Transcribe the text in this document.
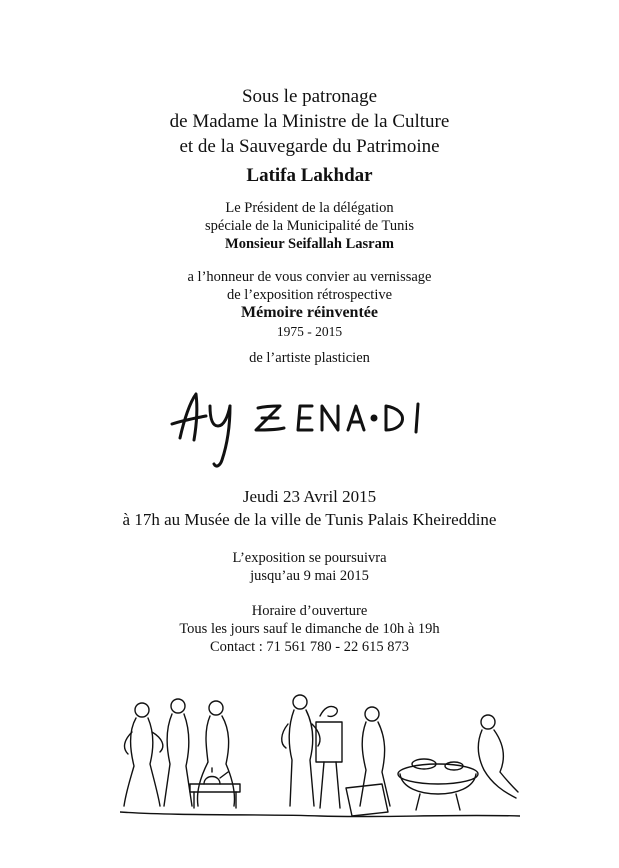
Sous le patronage
de Madame la Ministre de la Culture
et de la Sauvegarde du Patrimoine
Latifa Lakhdar
Le Président de la délégation
spéciale de la Municipalité de Tunis
Monsieur Seifallah Lasram
a l’honneur de vous convier au vernissage
de l’exposition rétrospective
Mémoire réinventée
1975 - 2015
de l’artiste plasticien
Jeudi 23 Avril 2015
à 17h au Musée de la ville de Tunis Palais Kheireddine
L’exposition se poursuivra
jusqu’au 9 mai 2015
Horaire d’ouverture
Tous les jours sauf le dimanche de 10h à 19h
Contact : 71 561 780 - 22 615 873
